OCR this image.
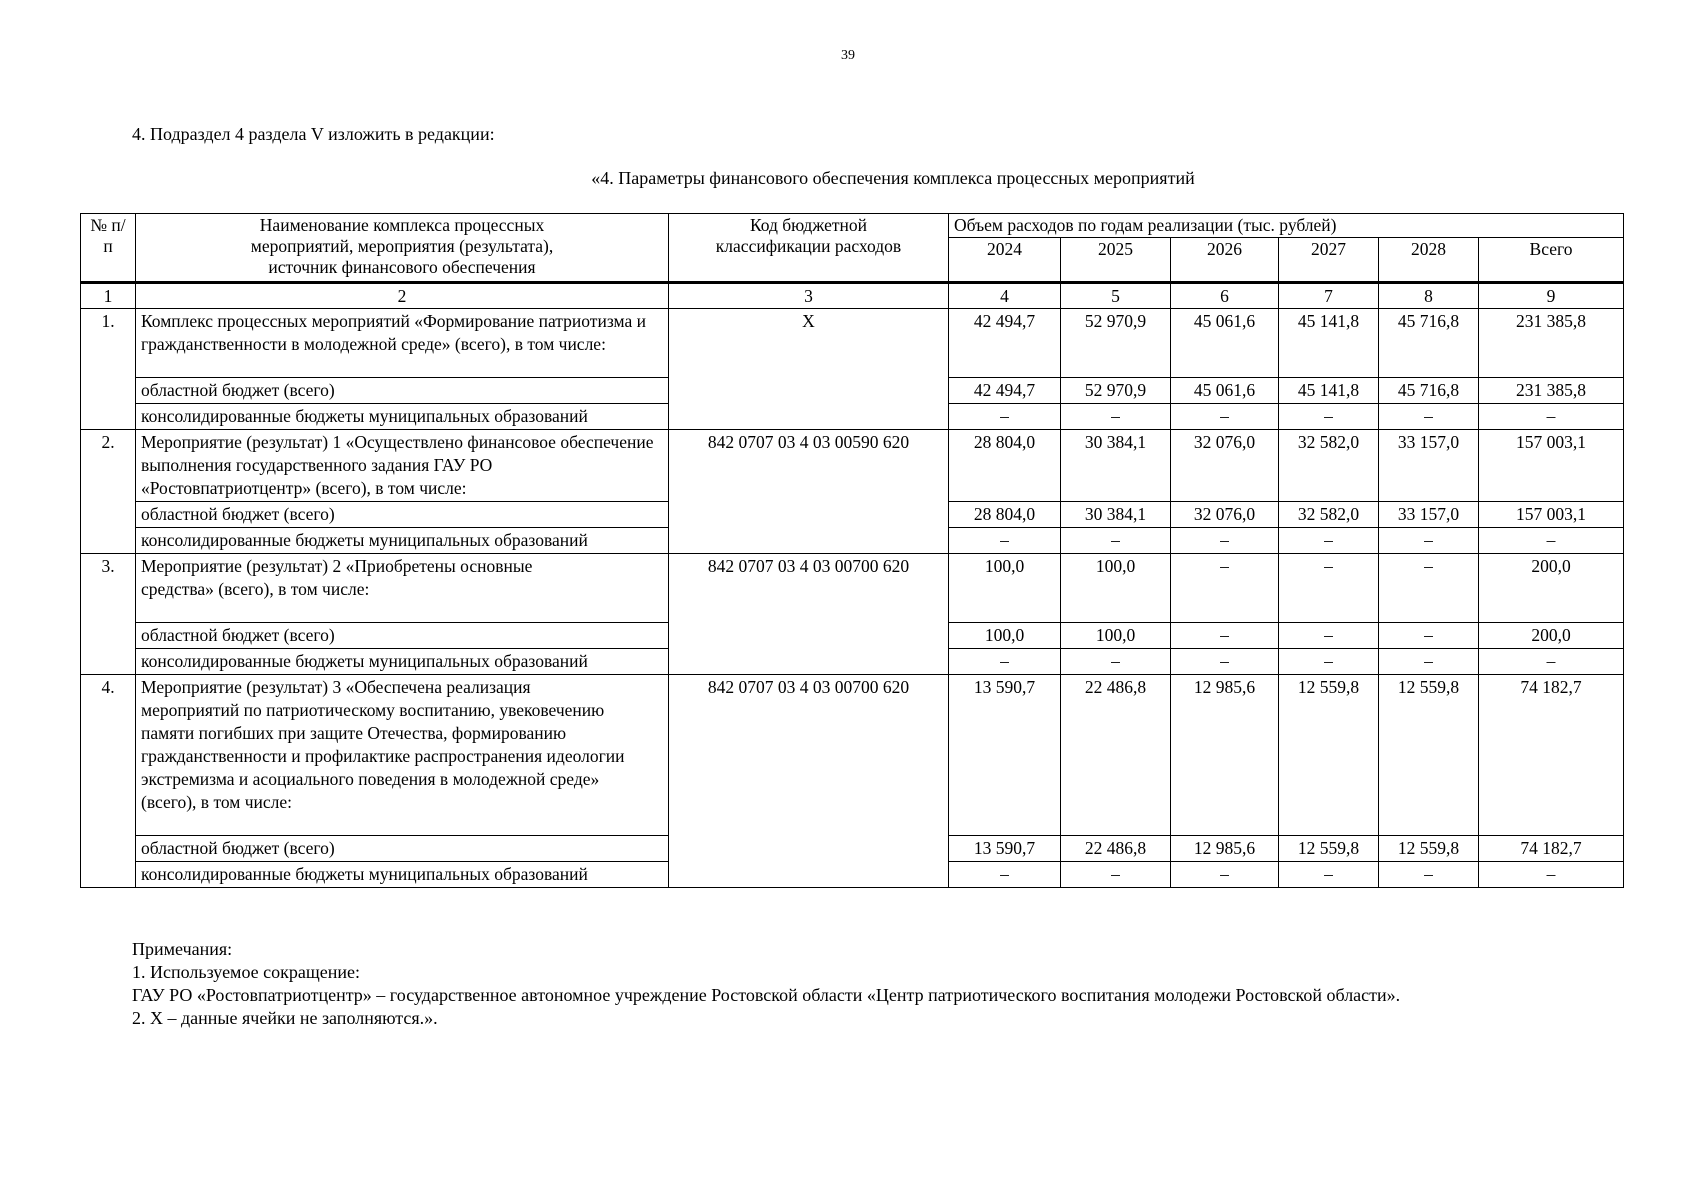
39
4. Подраздел 4 раздела V изложить в редакции:
«4. Параметры финансового обеспечения комплекса процессных мероприятий
№ п/п	Наименование комплекса процессных мероприятий, мероприятия (результата), источник финансового обеспечения	Код бюджетной классификации расходов	Объем расходов по годам реализации (тыс. рублей)					
			2024	2025	2026	2027	2028	Всего
1	2	3	4	5	6	7	8	9
1.	Комплекс процессных мероприятий «Формирование патриотизма и гражданственности в молодежной среде» (всего), в том числе:	Х	42 494,7	52 970,9	45 061,6	45 141,8	45 716,8	231 385,8
	областной бюджет (всего)		42 494,7	52 970,9	45 061,6	45 141,8	45 716,8	231 385,8
	консолидированные бюджеты муниципальных образований		–	–	–	–	–	–
2.	Мероприятие (результат) 1 «Осуществлено финансовое обеспечение выполнения государственного задания ГАУ РО «Ростовпатриотцентр» (всего), в том числе:	842 0707 03 4 03 00590 620	28 804,0	30 384,1	32 076,0	32 582,0	33 157,0	157 003,1
	областной бюджет (всего)		28 804,0	30 384,1	32 076,0	32 582,0	33 157,0	157 003,1
	консолидированные бюджеты муниципальных образований		–	–	–	–	–	–
3.	Мероприятие (результат) 2 «Приобретены основные средства» (всего), в том числе:	842 0707 03 4 03 00700 620	100,0	100,0	–	–	–	200,0
	областной бюджет (всего)		100,0	100,0	–	–	–	200,0
	консолидированные бюджеты муниципальных образований		–	–	–	–	–	–
4.	Мероприятие (результат) 3 «Обеспечена реализация мероприятий по патриотическому воспитанию, увековечению памяти погибших при защите Отечества, формированию гражданственности и профилактике распространения идеологии экстремизма и асоциального поведения в молодежной среде» (всего), в том числе:	842 0707 03 4 03 00700 620	13 590,7	22 486,8	12 985,6	12 559,8	12 559,8	74 182,7
	областной бюджет (всего)		13 590,7	22 486,8	12 985,6	12 559,8	12 559,8	74 182,7
	консолидированные бюджеты муниципальных образований		–	–	–	–	–	–
Примечания:
1. Используемое сокращение:
ГАУ РО «Ростовпатриотцентр» – государственное автономное учреждение Ростовской области «Центр патриотического воспитания молодежи Ростовской области».
2. Х – данные ячейки не заполняются.».
